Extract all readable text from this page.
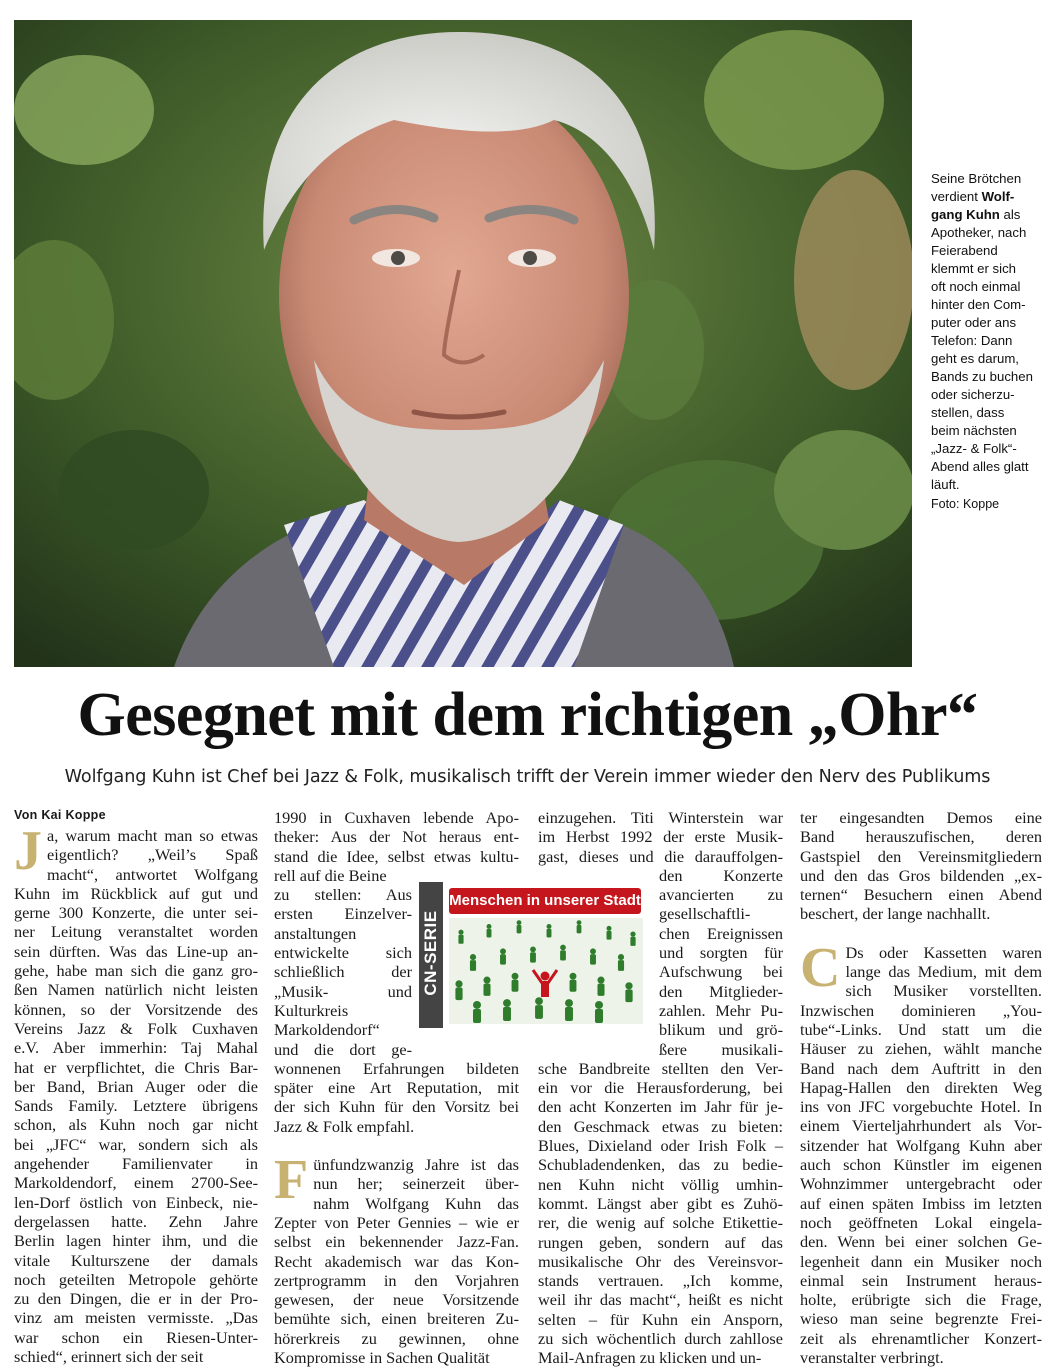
Seine Brötchen
verdient Wolf-
gang Kuhn als
Apotheker, nach
Feierabend
klemmt er sich
oft noch einmal
hinter den Com-
puter oder ans
Telefon: Dann
geht es darum,
Bands zu buchen
oder sicherzu-
stellen, dass
beim nächsten
„Jazz- & Folk“-
Abend alles glatt
läuft.
Foto: Koppe
Gesegnet mit dem richtigen „Ohr“

Wolfgang Kuhn ist Chef bei Jazz & Folk, musikalisch trifft der Verein immer wieder den Nerv des Publikums

CN-SERIE
Menschen in unserer Stadt
Von Kai Koppe
J a, warum macht man so etwas
eigentlich? „Weil’s Spaß
macht“, antwortet Wolfgang
Kuhn im Rückblick auf gut und
gerne 300 Konzerte, die unter sei-
ner Leitung veranstaltet worden
sein dürften. Was das Line-up an-
gehe, habe man sich die ganz gro-
ßen Namen natürlich nicht leisten
können, so der Vorsitzende des
Vereins Jazz & Folk Cuxhaven
e.V. Aber immerhin: Taj Mahal
hat er verpflichtet, die Chris Bar-
ber Band, Brian Auger oder die
Sands Family. Letztere übrigens
schon, als Kuhn noch gar nicht
bei „JFC“ war, sondern sich als
angehender Familienvater in
Markoldendorf, einem 2700-See-
len-Dorf östlich von Einbeck, nie-
dergelassen hatte. Zehn Jahre
Berlin lagen hinter ihm, und die
vitale Kulturszene der damals
noch geteilten Metropole gehörte
zu den Dingen, die er in der Pro-
vinz am meisten vermisste. „Das
war schon ein Riesen-Unter-
schied“, erinnert sich der seit
1990 in Cuxhaven lebende Apo-
theker: Aus der Not heraus ent-
stand die Idee, selbst etwas kultu-
rell auf die Beine
zu stellen: Aus
ersten Einzelver-
anstaltungen
entwickelte sich
schließlich der
„Musik- und
Kulturkreis
Markoldendorf“
und die dort ge-
wonnenen Erfahrungen bildeten
später eine Art Reputation, mit
der sich Kuhn für den Vorsitz bei
Jazz & Folk empfahl.
F ünfundzwanzig Jahre ist das
nun her; seinerzeit über-
nahm Wolfgang Kuhn das
Zepter von Peter Gennies – wie er
selbst ein bekennender Jazz-Fan.
Recht akademisch war das Kon-
zertprogramm in den Vorjahren
gewesen, der neue Vorsitzende
bemühte sich, einen breiteren Zu-
hörerkreis zu gewinnen, ohne
Kompromisse in Sachen Qualität
einzugehen. Titi Winterstein war
im Herbst 1992 der erste Musik-
gast, dieses und die darauffolgen-
den Konzerte
avancierten zu
gesellschaftli-
chen Ereignissen
und sorgten für
Aufschwung bei
den Mitglieder-
zahlen. Mehr Pu-
blikum und grö-
ßere musikali-
sche Bandbreite stellten den Ver-
ein vor die Herausforderung, bei
den acht Konzerten im Jahr für je-
den Geschmack etwas zu bieten:
Blues, Dixieland oder Irish Folk –
Schubladendenken, das zu bedie-
nen Kuhn nicht völlig umhin-
kommt. Längst aber gibt es Zuhö-
rer, die wenig auf solche Etikettie-
rungen geben, sondern auf das
musikalische Ohr des Vereinsvor-
stands vertrauen. „Ich komme,
weil ihr das macht“, heißt es nicht
selten – für Kuhn ein Ansporn,
zu sich wöchentlich durch zahllose
Mail-Anfragen zu klicken und un-
ter eingesandten Demos eine
Band herauszufischen, deren
Gastspiel den Vereinsmitgliedern
und den das Gros bildenden „ex-
ternen“ Besuchern einen Abend
beschert, der lange nachhallt.
C Ds oder Kassetten waren
lange das Medium, mit dem
sich Musiker vorstellten.
Inzwischen dominieren „You-
tube“-Links. Und statt um die
Häuser zu ziehen, wählt manche
Band nach dem Auftritt in den
Hapag-Hallen den direkten Weg
ins von JFC vorgebuchte Hotel. In
einem Vierteljahrhundert als Vor-
sitzender hat Wolfgang Kuhn aber
auch schon Künstler im eigenen
Wohnzimmer untergebracht oder
auf einen späten Imbiss im letzten
noch geöffneten Lokal eingela-
den. Wenn bei einer solchen Ge-
legenheit dann ein Musiker noch
einmal sein Instrument heraus-
holte, erübrigte sich die Frage,
wieso man seine begrenzte Frei-
zeit als ehrenamtlicher Konzert-
veranstalter verbringt.
